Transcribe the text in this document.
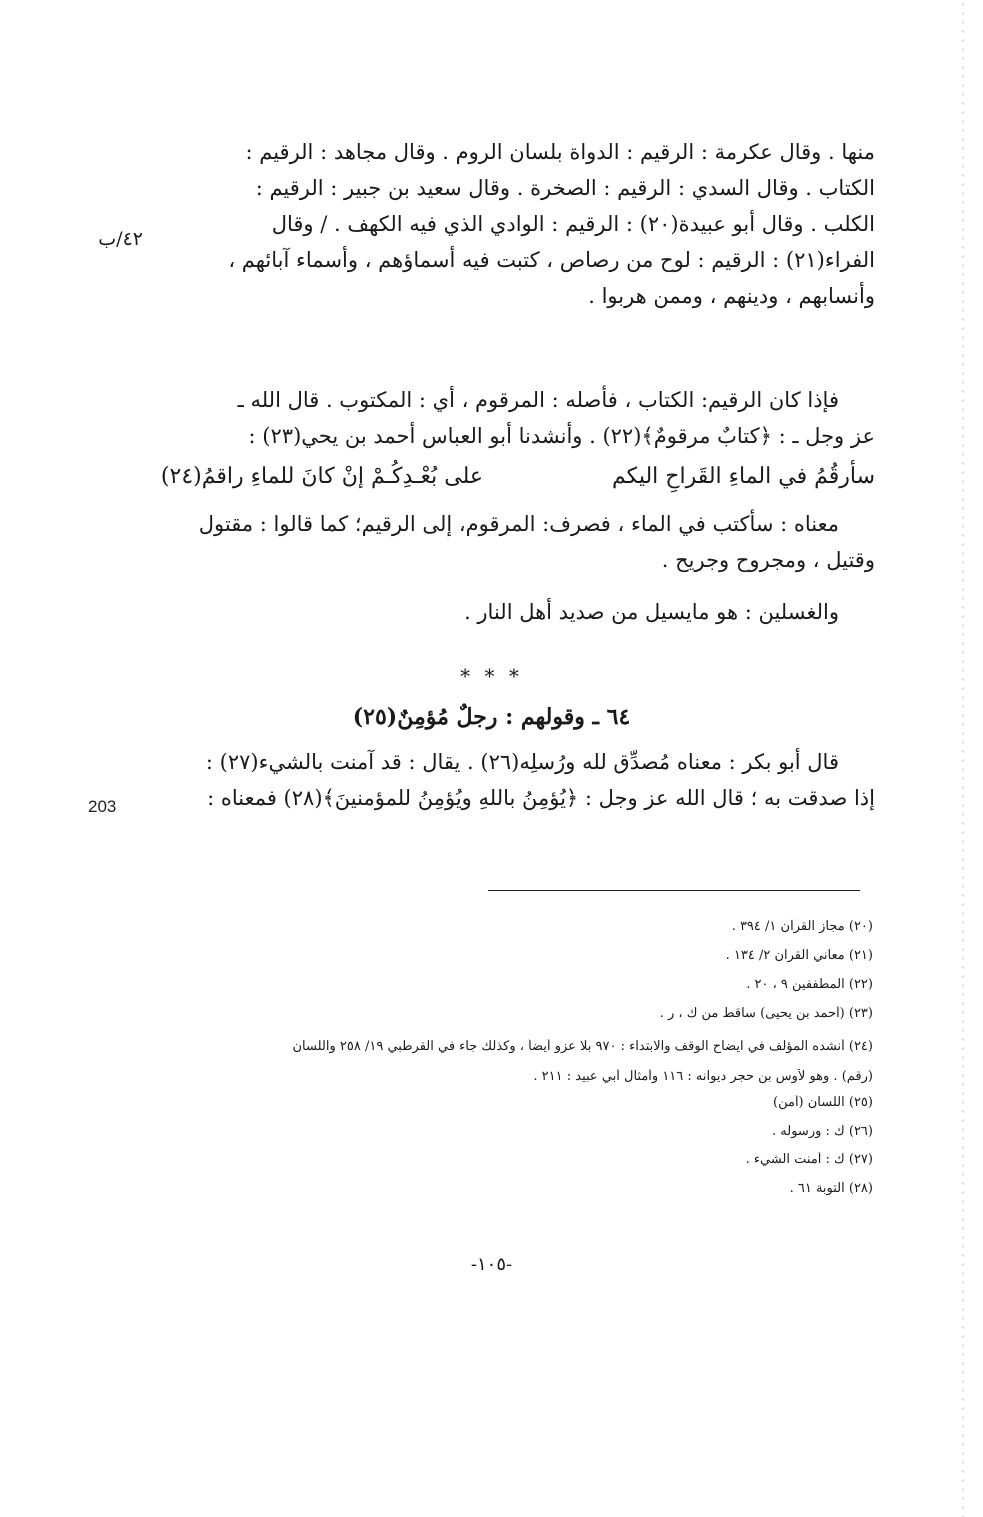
٤٢/ب
منها . وقال عكرمة : الرقيم : الدواة بلسان الروم . وقال مجاهد : الرقيم :
الكتاب . وقال السدي : الرقيم : الصخرة . وقال سعيد بن جبير : الرقيم :
الكلب . وقال أبو عبيدة(٢٠) : الرقيم : الوادي الذي فيه الكهف . / وقال
الفراء(٢١) : الرقيم : لوح من رصاص ، كتبت فيه أسماؤهم ، وأسماء آبائهم ،
وأنسابهم ، ودينهم ، وممن هربوا .
فإذا كان الرقيم: الكتاب ، فأصله : المرقوم ، أي : المكتوب . قال الله ـ
عز وجل ـ : ﴿كتابٌ مرقومٌ﴾(٢٢) . وأنشدنا أبو العباس أحمد بن يحي(٢٣) :
سأرقُمُ في الماءِ القَراحِ اليكم
على بُعْـدِكُـمْ إنْ كانَ للماءِ راقمُ(٢٤)
معناه : سأكتب في الماء ، فصرف: المرقوم، إلى الرقيم؛ كما قالوا : مقتول
وقتيل ، ومجروح وجريح .
والغسلين : هو مايسيل من صديد أهل النار .
* * *
٦٤ ـ وقولهم : رجلٌ مُؤمِنٌ(٢٥)
قال أبو بكر : معناه مُصدِّق لله ورُسلِه(٢٦) . يقال : قد آمنت بالشيء(٢٧) :
إذا صدقت به ؛ قال الله عز وجل : ﴿يُؤمِنُ باللهِ ويُؤمِنُ للمؤمنينَ﴾(٢٨) فمعناه :
203
(٢٠) مجاز القرآن ١/ ٣٩٤ .
(٢١) معاني القرآن ٢/ ١٣٤ .
(٢٢) المطففين ٩ ، ٢٠ .
(٢٣) (أحمد بن يحيى) ساقط من ك ، ر .
(٢٤) أنشده المؤلف في ايضاح الوقف والابتداء : ٩٧٠ بلا عزو أيضاً ، وكذلك جاء في القرطبي ١٩/ ٢٥٨ واللسان
(رقم) . وهو لأوس بن حجر ديوانه : ١١٦ وأمثال أبي عبيد : ٢١١ .
(٢٥) اللسان (أمن)
(٢٦) ك : ورسوله .
(٢٧) ك : أمنت الشيء .
(٢٨) التوبة ٦١ .
-١٠٥-
